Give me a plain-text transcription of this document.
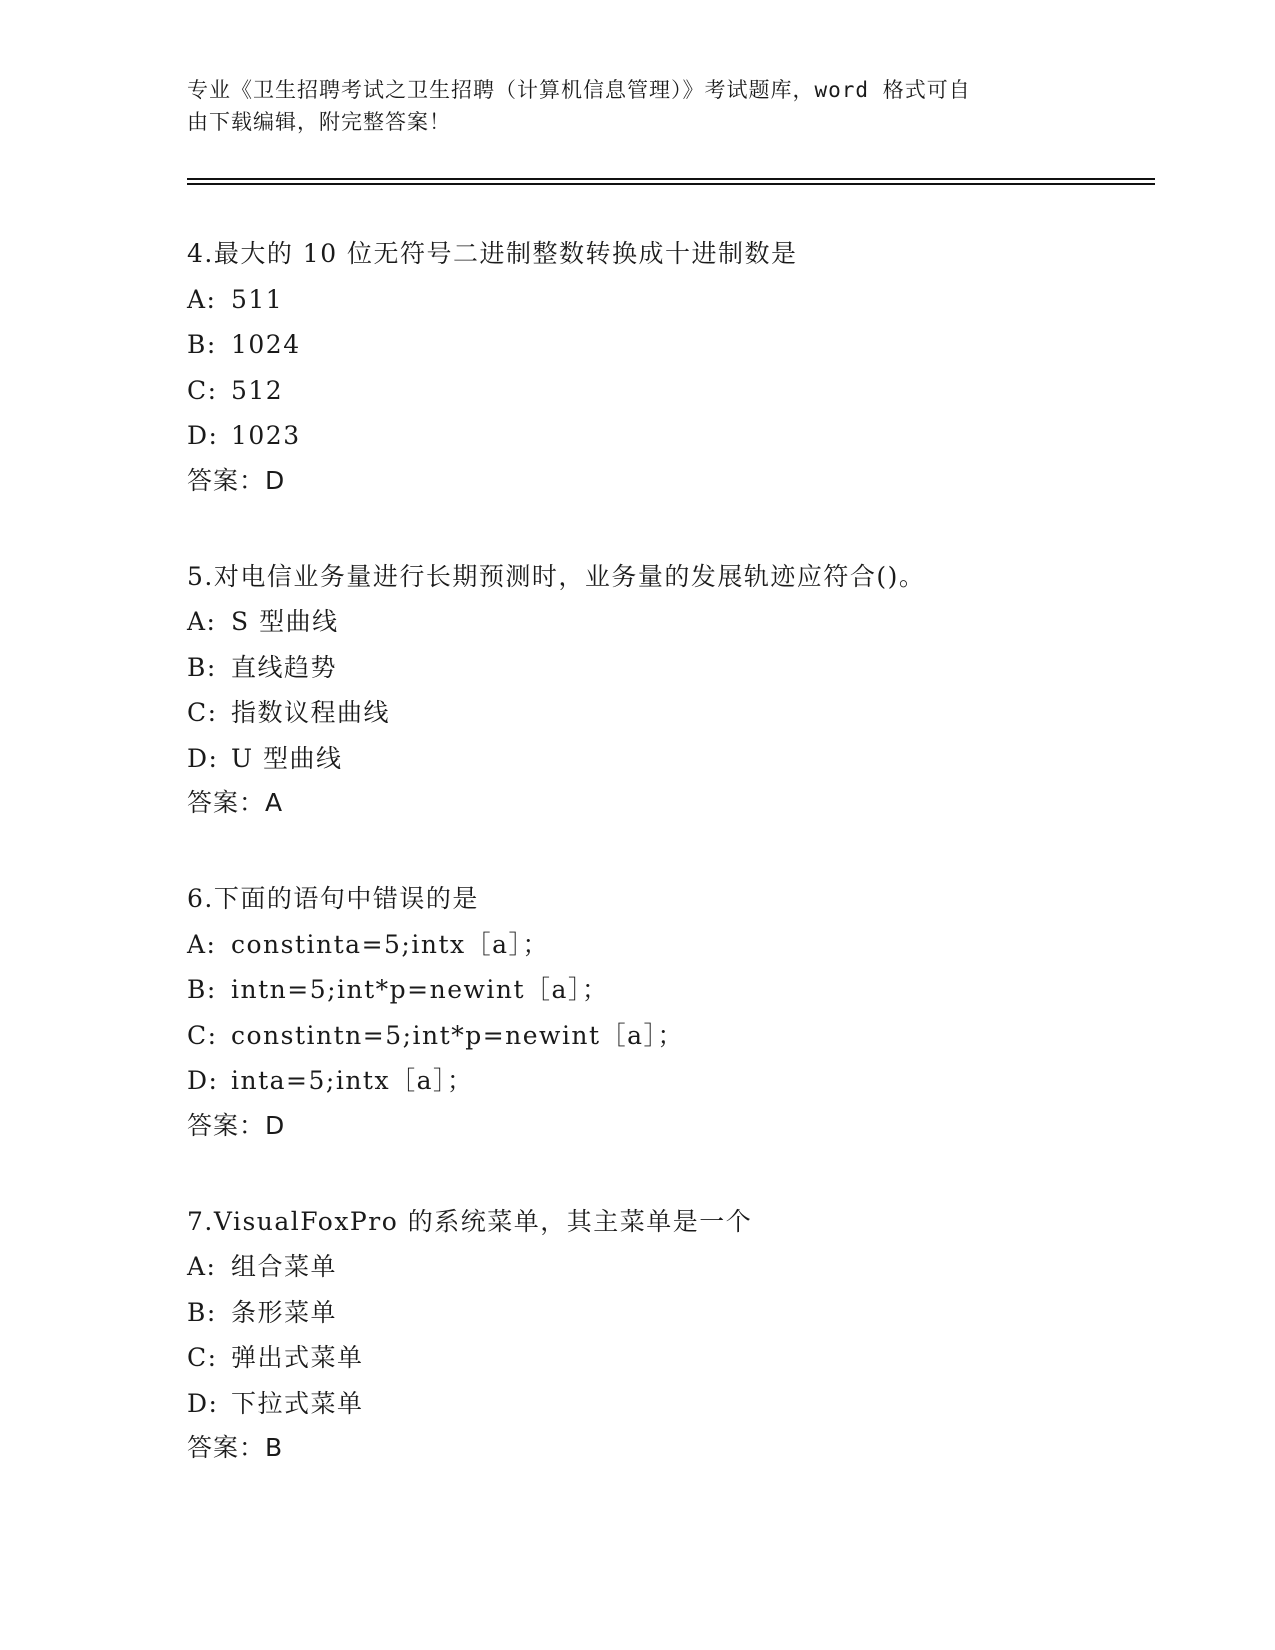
专业《卫生招聘考试之卫生招聘（计算机信息管理）》考试题库，word 格式可自
由下载编辑，附完整答案！
4.最大的 10 位无符号二进制整数转换成十进制数是
A: 511
B: 1024
C: 512
D: 1023
答案：D
5.对电信业务量进行长期预测时，业务量的发展轨迹应符合()。
A: S 型曲线
B: 直线趋势
C: 指数议程曲线
D: U 型曲线
答案：A
6.下面的语句中错误的是
A: constinta=5;intx［a］；
B: intn=5;int*p=newint［a］；
C: constintn=5;int*p=newint［a］；
D: inta=5;intx［a］；
答案：D
7.VisualFoxPro 的系统菜单，其主菜单是一个
A: 组合菜单
B: 条形菜单
C: 弹出式菜单
D: 下拉式菜单
答案：B
